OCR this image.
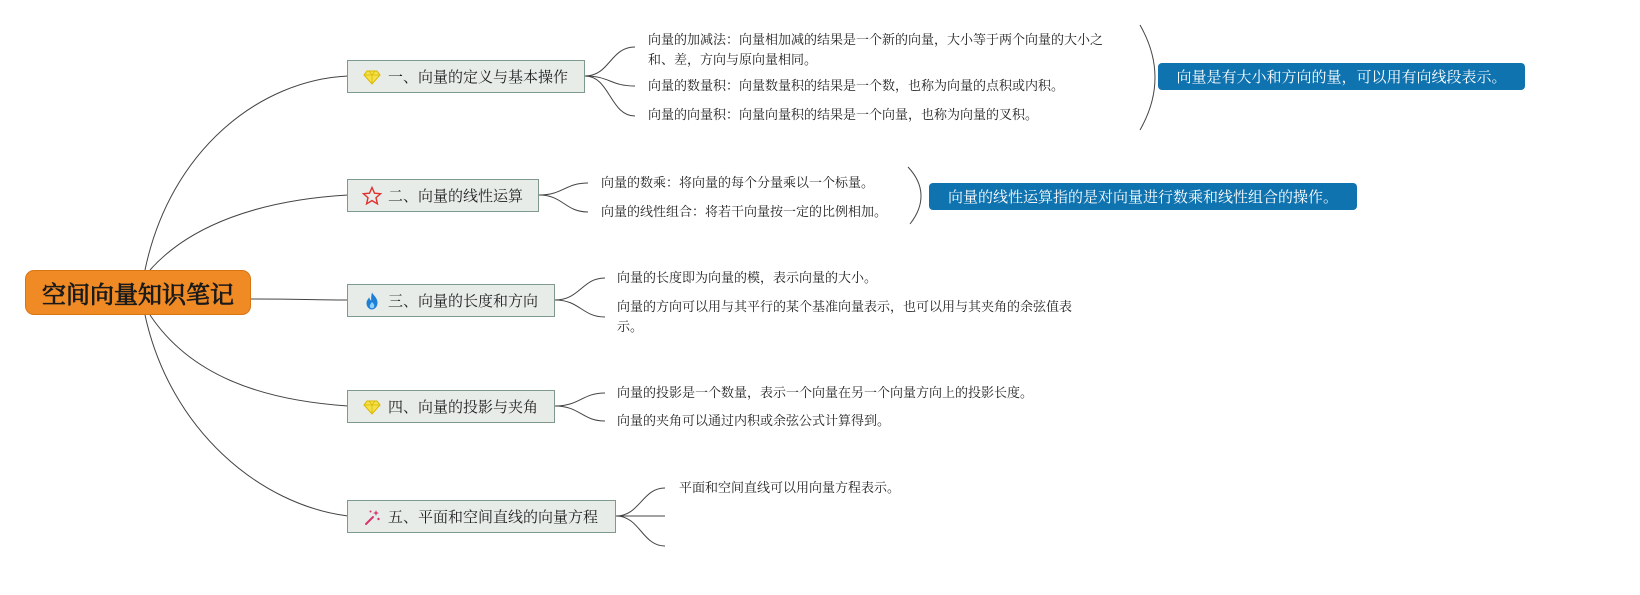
空间向量知识笔记
一、向量的定义与基本操作
向量的加减法：向量相加减的结果是一个新的向量，大小等于两个向量的大小之和、差，方向与原向量相同。
向量的数量积：向量数量积的结果是一个数，也称为向量的点积或内积。
向量的向量积：向量向量积的结果是一个向量，也称为向量的叉积。
向量是有大小和方向的量，可以用有向线段表示。
二、向量的线性运算
向量的数乘：将向量的每个分量乘以一个标量。
向量的线性组合：将若干向量按一定的比例相加。
向量的线性运算指的是对向量进行数乘和线性组合的操作。
三、向量的长度和方向
向量的长度即为向量的模，表示向量的大小。
向量的方向可以用与其平行的某个基准向量表示，也可以用与其夹角的余弦值表示。
四、向量的投影与夹角
向量的投影是一个数量，表示一个向量在另一个向量方向上的投影长度。
向量的夹角可以通过内积或余弦公式计算得到。
五、平面和空间直线的向量方程
平面和空间直线可以用向量方程表示。
